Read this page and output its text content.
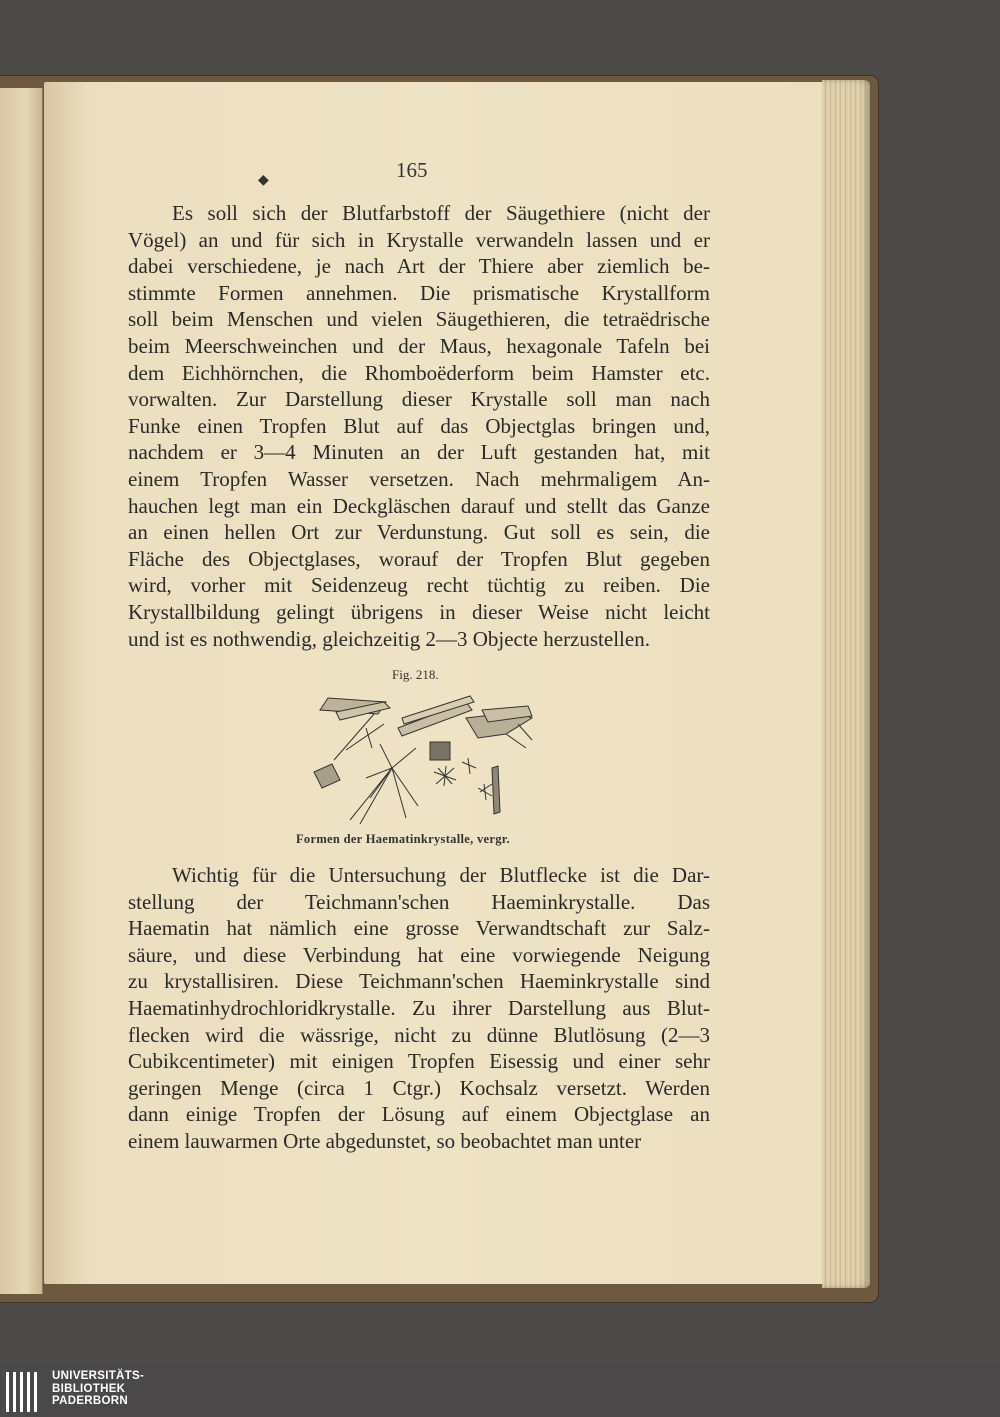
◆	165
Es soll sich der Blutfarbstoff der Säugethiere (nicht der
Vögel) an und für sich in Krystalle verwandeln lassen und er
dabei verschiedene, je nach Art der Thiere aber ziemlich be-
stimmte Formen annehmen. Die prismatische Krystallform
soll beim Menschen und vielen Säugethieren, die tetraëdrische
beim Meerschweinchen und der Maus, hexagonale Tafeln bei
dem Eichhörnchen, die Rhomboëderform beim Hamster etc.
vorwalten. Zur Darstellung dieser Krystalle soll man nach
Funke einen Tropfen Blut auf das Objectglas bringen und,
nachdem er 3—4 Minuten an der Luft gestanden hat, mit
einem Tropfen Wasser versetzen. Nach mehrmaligem An-
hauchen legt man ein Deckgläschen darauf und stellt das Ganze
an einen hellen Ort zur Verdunstung. Gut soll es sein, die
Fläche des Objectglases, worauf der Tropfen Blut gegeben
wird, vorher mit Seidenzeug recht tüchtig zu reiben. Die
Krystallbildung gelingt übrigens in dieser Weise nicht leicht
und ist es nothwendig, gleichzeitig 2—3 Objecte herzustellen.
Fig. 218.
Formen der Haematinkrystalle, vergr.
Wichtig für die Untersuchung der Blutflecke ist die Dar-
stellung der Teichmann'schen Haeminkrystalle. Das
Haematin hat nämlich eine grosse Verwandtschaft zur Salz-
säure, und diese Verbindung hat eine vorwiegende Neigung
zu krystallisiren. Diese Teichmann'schen Haeminkrystalle sind
Haematinhydrochloridkrystalle. Zu ihrer Darstellung aus Blut-
flecken wird die wässrige, nicht zu dünne Blutlösung (2—3
Cubikcentimeter) mit einigen Tropfen Eisessig und einer sehr
geringen Menge (circa 1 Ctgr.) Kochsalz versetzt. Werden
dann einige Tropfen der Lösung auf einem Objectglase an
einem lauwarmen Orte abgedunstet, so beobachtet man unter
UNIVERSITÄTS-
BIBLIOTHEK
PADERBORN
